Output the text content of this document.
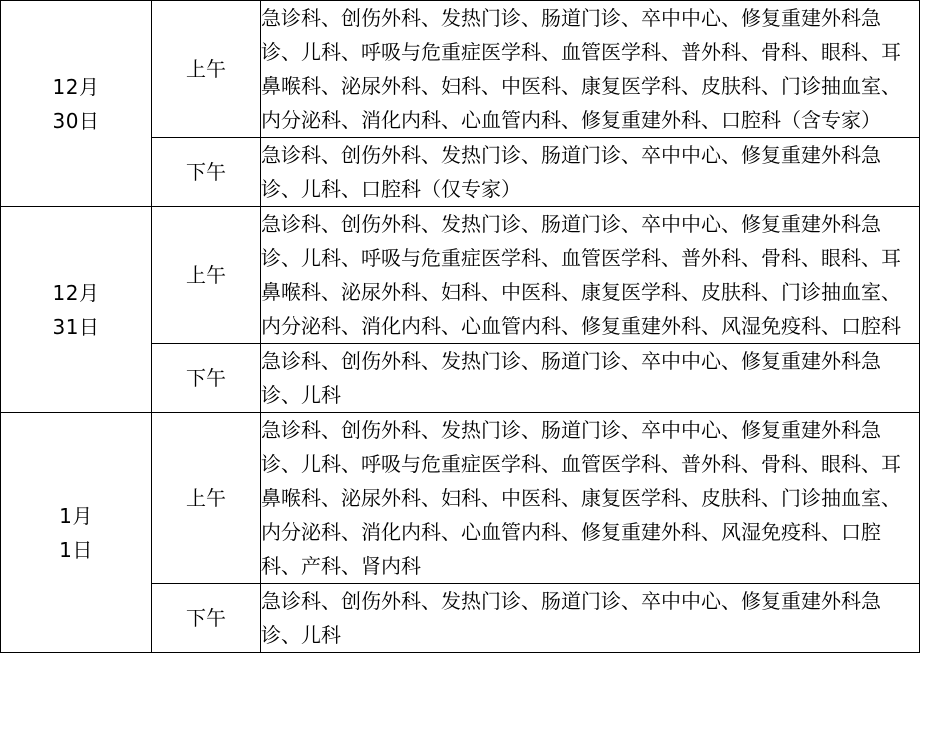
12月
30日	上午	急诊科、创伤外科、发热门诊、肠道门诊、卒中中心、修复重建外科急诊、儿科、呼吸与危重症医学科、血管医学科、普外科、骨科、眼科、耳鼻喉科、泌尿外科、妇科、中医科、康复医学科、皮肤科、门诊抽血室、内分泌科、消化内科、心血管内科、修复重建外科、口腔科（含专家）

	下午	急诊科、创伤外科、发热门诊、肠道门诊、卒中中心、修复重建外科急诊、儿科、口腔科（仅专家）

12月
31日	上午	急诊科、创伤外科、发热门诊、肠道门诊、卒中中心、修复重建外科急诊、儿科、呼吸与危重症医学科、血管医学科、普外科、骨科、眼科、耳鼻喉科、泌尿外科、妇科、中医科、康复医学科、皮肤科、门诊抽血室、内分泌科、消化内科、心血管内科、修复重建外科、风湿免疫科、口腔科

	下午	急诊科、创伤外科、发热门诊、肠道门诊、卒中中心、修复重建外科急诊、儿科

1月
1日	上午	急诊科、创伤外科、发热门诊、肠道门诊、卒中中心、修复重建外科急诊、儿科、呼吸与危重症医学科、血管医学科、普外科、骨科、眼科、耳鼻喉科、泌尿外科、妇科、中医科、康复医学科、皮肤科、门诊抽血室、内分泌科、消化内科、心血管内科、修复重建外科、风湿免疫科、口腔科、产科、肾内科

	下午	急诊科、创伤外科、发热门诊、肠道门诊、卒中中心、修复重建外科急诊、儿科
